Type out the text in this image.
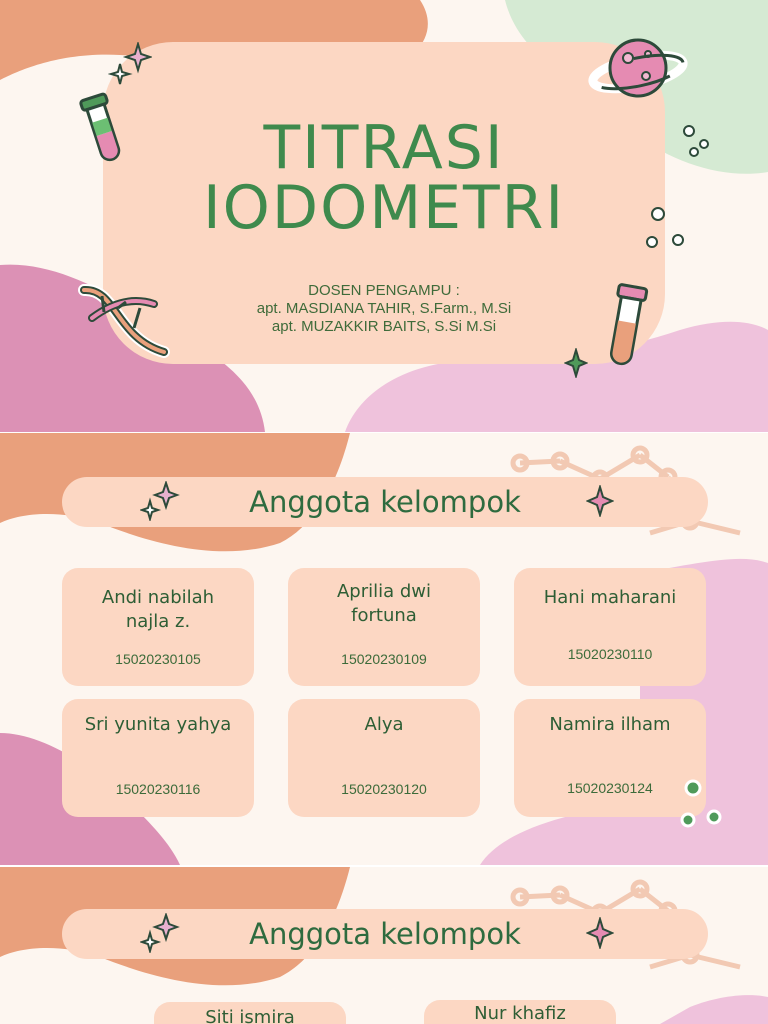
TITRASI
IODOMETRI
DOSEN PENGAMPU :
apt. MASDIANA TAHIR, S.Farm., M.Si
apt. MUZAKKIR BAITS, S.Si M.Si
Anggota kelompok
Andi nabilah
najla z.
15020230105
Aprilia dwi
fortuna
15020230109
Hani maharani
15020230110
Sri yunita yahya
15020230116
Alya
15020230120
Namira ilham
15020230124
Anggota kelompok
Siti ismira	Nur khafiz
